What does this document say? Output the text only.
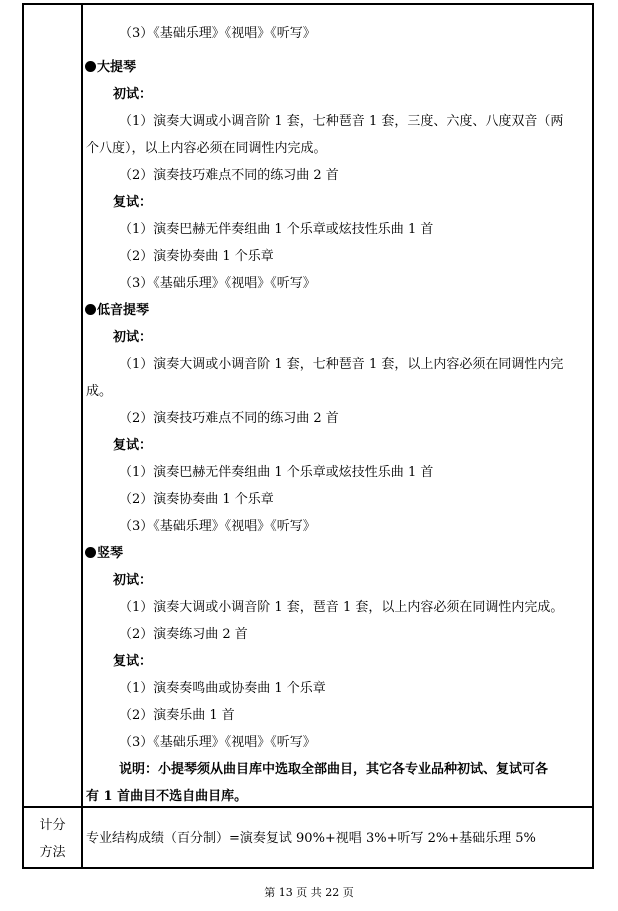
（3）《基础乐理》《视唱》《听写》
大提琴
初试：
（1）演奏大调或小调音阶 1 套，七种琶音 1 套，三度、六度、八度双音（两
个八度），以上内容必须在同调性内完成。
（2）演奏技巧难点不同的练习曲 2 首
复试：
（1）演奏巴赫无伴奏组曲 1 个乐章或炫技性乐曲 1 首
（2）演奏协奏曲 1 个乐章
（3）《基础乐理》《视唱》《听写》
低音提琴
初试：
（1）演奏大调或小调音阶 1 套，七种琶音 1 套，以上内容必须在同调性内完
成。
（2）演奏技巧难点不同的练习曲 2 首
复试：
（1）演奏巴赫无伴奏组曲 1 个乐章或炫技性乐曲 1 首
（2）演奏协奏曲 1 个乐章
（3）《基础乐理》《视唱》《听写》
竖琴
初试：
（1）演奏大调或小调音阶 1 套，琶音 1 套，以上内容必须在同调性内完成。
（2）演奏练习曲 2 首
复试：
（1）演奏奏鸣曲或协奏曲 1 个乐章
（2）演奏乐曲 1 首
（3）《基础乐理》《视唱》《听写》
说明：小提琴须从曲目库中选取全部曲目，其它各专业品种初试、复试可各
有 1 首曲目不选自曲目库。
计分
方法
专业结构成绩（百分制）=演奏复试 90%+视唱 3%+听写 2%+基础乐理 5%
第 13 页 共 22 页
